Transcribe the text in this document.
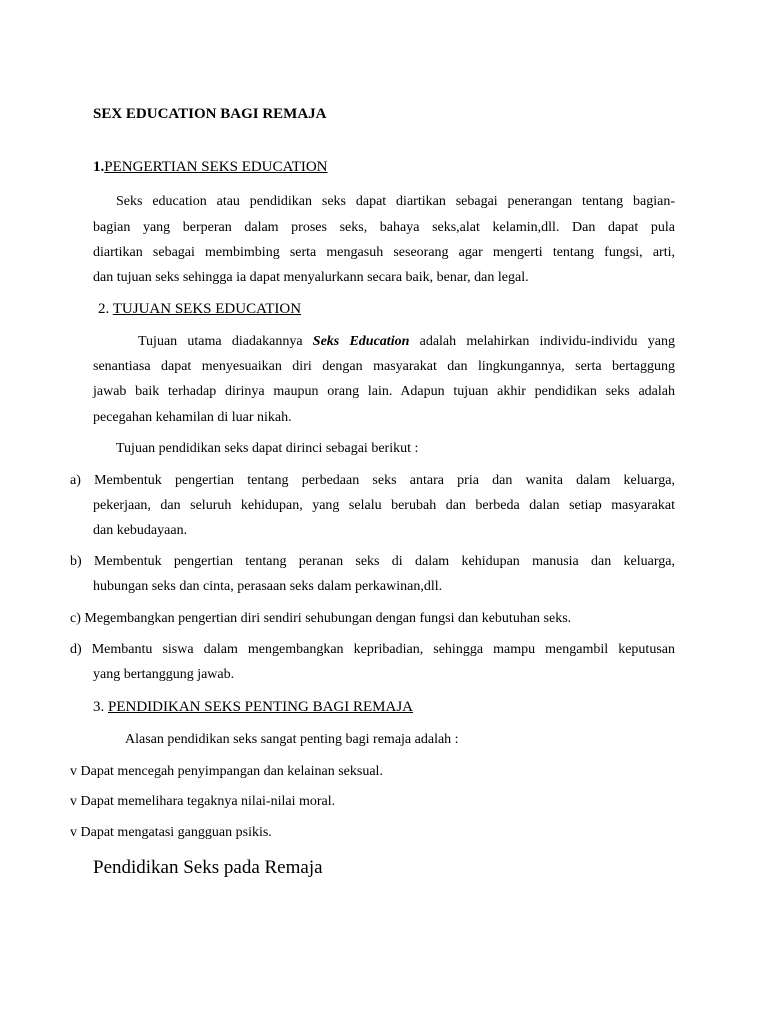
SEX EDUCATION BAGI REMAJA
1.PENGERTIAN SEKS EDUCATION
Seks education atau pendidikan seks dapat diartikan sebagai penerangan tentang bagian-
bagian yang berperan dalam proses seks, bahaya seks,alat kelamin,dll. Dan dapat pula
diartikan sebagai membimbing serta mengasuh seseorang agar mengerti tentang fungsi, arti,
dan tujuan seks sehingga ia dapat menyalurkann secara baik, benar, dan legal.
2. TUJUAN SEKS EDUCATION
Tujuan utama diadakannya Seks Education adalah melahirkan individu-individu yang
senantiasa dapat menyesuaikan diri dengan masyarakat dan lingkungannya, serta bertaggung
jawab baik terhadap dirinya maupun orang lain. Adapun tujuan akhir pendidikan seks adalah
pecegahan kehamilan di luar nikah.
Tujuan pendidikan seks dapat dirinci sebagai berikut :
a) Membentuk pengertian tentang perbedaan seks antara pria dan wanita dalam keluarga,
pekerjaan, dan seluruh kehidupan, yang selalu berubah dan berbeda dalan setiap masyarakat
dan kebudayaan.
b) Membentuk pengertian tentang peranan seks di dalam kehidupan manusia dan keluarga,
hubungan seks dan cinta, perasaan seks dalam perkawinan,dll.
c) Megembangkan pengertian diri sendiri sehubungan dengan fungsi dan kebutuhan seks.
d) Membantu siswa dalam mengembangkan kepribadian, sehingga mampu mengambil keputusan
yang bertanggung jawab.
3. PENDIDIKAN SEKS PENTING BAGI REMAJA
Alasan pendidikan seks sangat penting bagi remaja adalah :
v Dapat mencegah penyimpangan dan kelainan seksual.
v Dapat memelihara tegaknya nilai-nilai moral.
v Dapat mengatasi gangguan psikis.
Pendidikan Seks pada Remaja
